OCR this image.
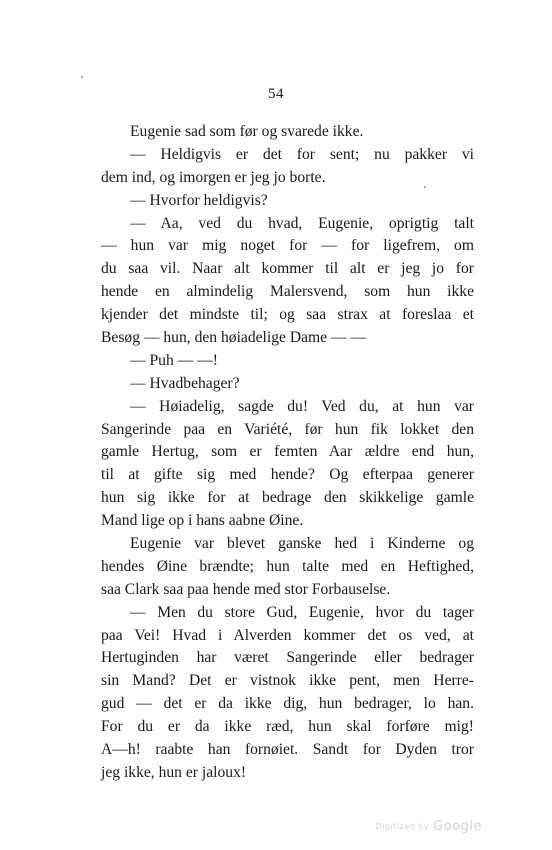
54
Eugenie sad som før og svarede ikke.
— Heldigvis er det for sent; nu pakker vi
dem ind, og imorgen er jeg jo borte.
— Hvorfor heldigvis?
— Aa, ved du hvad, Eugenie, oprigtig talt
— hun var mig noget for — for ligefrem, om
du saa vil. Naar alt kommer til alt er jeg jo for
hende en almindelig Malersvend, som hun ikke
kjender det mindste til; og saa strax at foreslaa et
Besøg — hun, den høiadelige Dame — —
— Puh — —!
— Hvadbehager?
— Høiadelig, sagde du! Ved du, at hun var
Sangerinde paa en Variété, før hun fik lokket den
gamle Hertug, som er femten Aar ældre end hun,
til at gifte sig med hende? Og efterpaa generer
hun sig ikke for at bedrage den skikkelige gamle
Mand lige op i hans aabne Øine.
Eugenie var blevet ganske hed i Kinderne og
hendes Øine brændte; hun talte med en Heftighed,
saa Clark saa paa hende med stor Forbauselse.
— Men du store Gud, Eugenie, hvor du tager
paa Vei! Hvad i Alverden kommer det os ved, at
Hertuginden har været Sangerinde eller bedrager
sin Mand? Det er vistnok ikke pent, men Herre-
gud — det er da ikke dig, hun bedrager, lo han.
For du er da ikke ræd, hun skal forføre mig!
A—h! raabte han fornøiet. Sandt for Dyden tror
jeg ikke, hun er jaloux!
Digitized by Google
